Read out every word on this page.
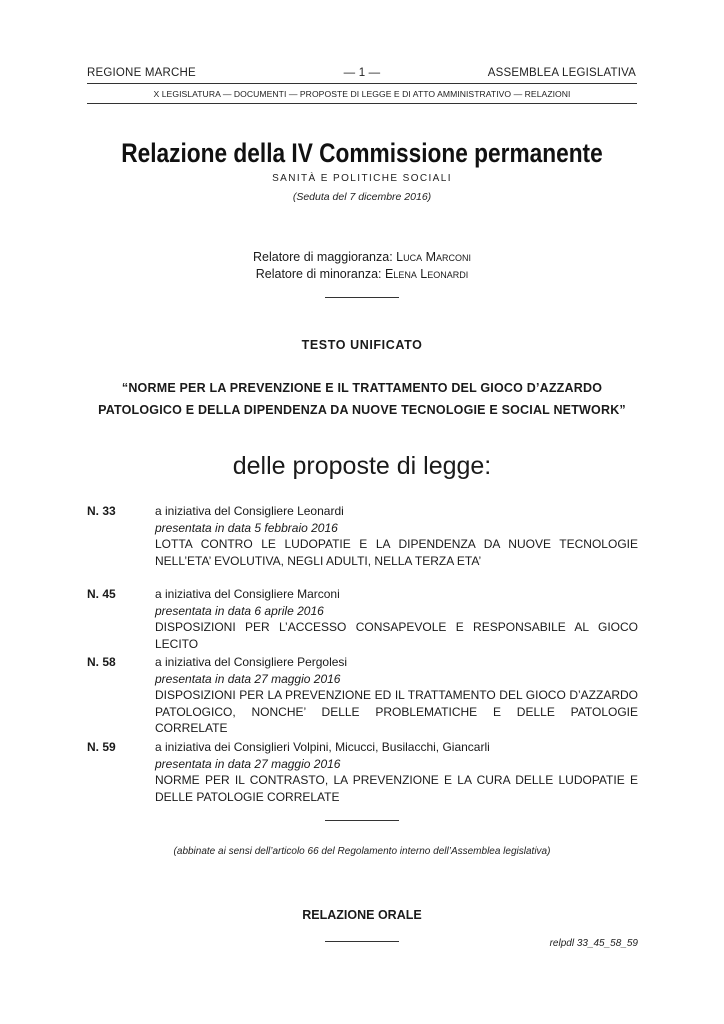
REGIONE MARCHE	— 1 —	ASSEMBLEA LEGISLATIVA
X LEGISLATURA — DOCUMENTI — PROPOSTE DI LEGGE E DI ATTO AMMINISTRATIVO — RELAZIONI
Relazione della IV Commissione permanente
SANITÀ E POLITICHE SOCIALI
(Seduta del 7 dicembre 2016)
Relatore di maggioranza: Luca Marconi
Relatore di minoranza: Elena Leonardi
TESTO UNIFICATO
“NORME PER LA PREVENZIONE E IL TRATTAMENTO DEL GIOCO D’AZZARDO
PATOLOGICO E DELLA DIPENDENZA DA NUOVE TECNOLOGIE E SOCIAL NETWORK”
delle proposte di legge:
N. 33	a iniziativa del Consigliere Leonardi
presentata in data 5 febbraio 2016
LOTTA CONTRO LE LUDOPATIE E LA DIPENDENZA DA NUOVE TECNOLOGIE
NELL’ETA’ EVOLUTIVA, NEGLI ADULTI, NELLA TERZA ETA’
N. 45	a iniziativa del Consigliere Marconi
presentata in data 6 aprile 2016
DISPOSIZIONI PER L’ACCESSO CONSAPEVOLE E RESPONSABILE AL GIOCO LECITO
N. 58	a iniziativa del Consigliere Pergolesi
presentata in data 27 maggio 2016
DISPOSIZIONI PER LA PREVENZIONE ED IL TRATTAMENTO DEL GIOCO D’AZZARDO
PATOLOGICO, NONCHE’ DELLE PROBLEMATICHE E DELLE PATOLOGIE CORRELATE
N. 59	a iniziativa dei Consiglieri Volpini, Micucci, Busilacchi, Giancarli
presentata in data 27 maggio 2016
NORME PER IL CONTRASTO, LA PREVENZIONE E LA CURA DELLE LUDOPATIE E
DELLE PATOLOGIE CORRELATE
(abbinate ai sensi dell’articolo 66 del Regolamento interno dell’Assemblea legislativa)
RELAZIONE ORALE
relpdl 33_45_58_59
